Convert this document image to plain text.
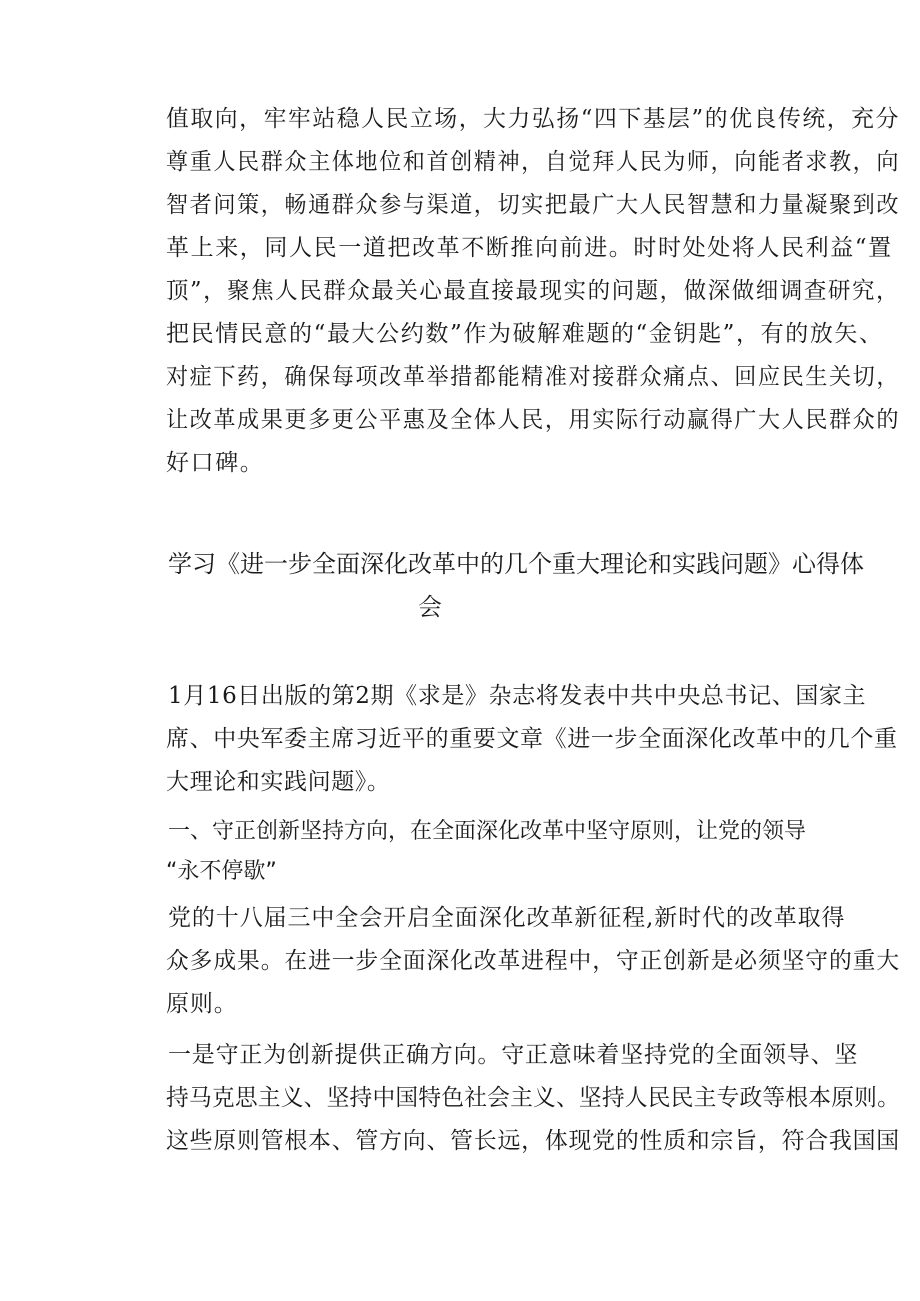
值取向，牢牢站稳人民立场，大力弘扬“四下基层”的优良传统，充分
尊重人民群众主体地位和首创精神，自觉拜人民为师，向能者求教，向
智者问策，畅通群众参与渠道，切实把最广大人民智慧和力量凝聚到改
革上来，同人民一道把改革不断推向前进。时时处处将人民利益“置
顶”，聚焦人民群众最关心最直接最现实的问题，做深做细调查研究，
把民情民意的“最大公约数”作为破解难题的“金钥匙”，有的放矢、
对症下药，确保每项改革举措都能精准对接群众痛点、回应民生关切，
让改革成果更多更公平惠及全体人民，用实际行动赢得广大人民群众的
好口碑。
学习《进一步全面深化改革中的几个重大理论和实践问题》心得体
会
1月16日出版的第2期《求是》杂志将发表中共中央总书记、国家主
席、中央军委主席习近平的重要文章《进一步全面深化改革中的几个重
大理论和实践问题》。
一、守正创新坚持方向，在全面深化改革中坚守原则，让党的领导
“永不停歇”
党的十八届三中全会开启全面深化改革新征程,新时代的改革取得
众多成果。在进一步全面深化改革进程中，守正创新是必须坚守的重大
原则。
一是守正为创新提供正确方向。守正意味着坚持党的全面领导、坚
持马克思主义、坚持中国特色社会主义、坚持人民民主专政等根本原则。
这些原则管根本、管方向、管长远，体现党的性质和宗旨，符合我国国
